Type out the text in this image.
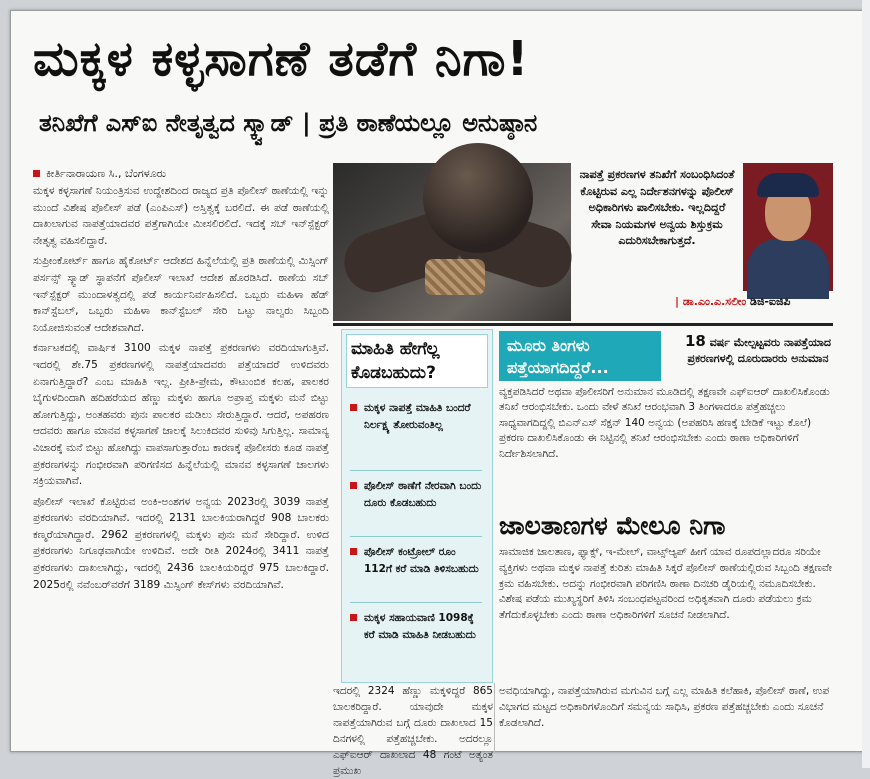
ಮಕ್ಕಳ ಕಳ್ಳಸಾಗಣೆ ತಡೆಗೆ ನಿಗಾ!
ತನಿಖೆಗೆ ಎಸ್‌ಐ ನೇತೃತ್ವದ ಸ್ಕ್ವಾಡ್ | ಪ್ರತಿ ಠಾಣೆಯಲ್ಲೂ ಅನುಷ್ಠಾನ
ಕೀರ್ತಿನಾರಾಯಣ ಸಿ., ಬೆಂಗಳೂರು

ಮಕ್ಕಳ ಕಳ್ಳಸಾಗಣೆ ನಿಯಂತ್ರಿಸುವ ಉದ್ದೇಶದಿಂದ ರಾಜ್ಯದ ಪ್ರತಿ ಪೊಲೀಸ್ ಠಾಣೆಯಲ್ಲಿ ಇನ್ನು ಮುಂದೆ ವಿಶೇಷ ಪೊಲೀಸ್ ಪಡೆ (ಎಂಪಿಎಸ್) ಅಸ್ತಿತ್ವಕ್ಕೆ ಬರಲಿದೆ. ಈ ಪಡೆ ಠಾಣೆಯಲ್ಲಿ ದಾಖಲಾಗುವ ನಾಪತ್ತೆಯಾದವರ ಪತ್ತೆಗಾಗಿಯೇ ಮೀಸಲಿರಲಿದೆ. ಇದಕ್ಕೆ ಸಬ್ ಇನ್‌ಸ್ಪೆಕ್ಟರ್ ನೇತೃತ್ವ ವಹಿಸಲಿದ್ದಾರೆ.

ಸುಪ್ರೀಂಕೋರ್ಟ್ ಹಾಗೂ ಹೈಕೋರ್ಟ್ ಆದೇಶದ ಹಿನ್ನೆಲೆಯಲ್ಲಿ ಪ್ರತಿ ಠಾಣೆಯಲ್ಲಿ ಮಿಸ್ಸಿಂಗ್ ಪರ್ಸನ್ಸ್ ಸ್ಕ್ವಾಡ್ ಸ್ಥಾಪನೆಗೆ ಪೊಲೀಸ್ ಇಲಾಖೆ ಆದೇಶ ಹೊರಡಿಸಿದೆ. ಠಾಣೆಯ ಸಬ್ ಇನ್‌ಸ್ಪೆಕ್ಟರ್ ಮುಂದಾಳತ್ವದಲ್ಲಿ ಪಡೆ ಕಾರ್ಯನಿರ್ವಹಿಸಲಿದೆ. ಒಬ್ಬರು ಮಹಿಳಾ ಹೆಡ್ ಕಾನ್‌ಸ್ಟೆಬಲ್, ಒಬ್ಬರು ಮಹಿಳಾ ಕಾನ್‌ಸ್ಟೆಬಲ್ ಸೇರಿ ಒಟ್ಟು ನಾಲ್ವರು ಸಿಬ್ಬಂದಿ ನಿಯೋಜಿಸುವಂತೆ ಆದೇಶವಾಗಿದೆ.

ಕರ್ನಾಟಕದಲ್ಲಿ ವಾರ್ಷಿಕ 3100 ಮಕ್ಕಳ ನಾಪತ್ತೆ ಪ್ರಕರಣಗಳು ವರದಿಯಾಗುತ್ತಿವೆ. ಇದರಲ್ಲಿ ಶೇ.75 ಪ್ರಕರಣಗಳಲ್ಲಿ ನಾಪತ್ತೆಯಾದವರು ಪತ್ತೆಯಾದರೆ ಉಳಿದವರು ಏನಾಗುತ್ತಿದ್ದಾರೆ? ಎಂಬ ಮಾಹಿತಿ ಇಲ್ಲ. ಪ್ರೀತಿ-ಪ್ರೇಮ, ಕೌಟುಂಬಿಕ ಕಲಹ, ಪಾಲಕರ ಬೈಗುಳದಿಂದಾಗಿ ಹದಿಹರೆಯದ ಹೆಣ್ಣು ಮಕ್ಕಳು ಹಾಗೂ ಅಪ್ರಾಪ್ತ ಮಕ್ಕಳು ಮನೆ ಬಿಟ್ಟು ಹೋಗುತ್ತಿದ್ದು, ಅಂತಹವರು ಪುನಃ ಪಾಲಕರ ಮಡಿಲು ಸೇರುತ್ತಿದ್ದಾರೆ. ಆದರೆ, ಅಪಹರಣ ಆದವರು ಹಾಗೂ ಮಾನವ ಕಳ್ಳಸಾಗಣೆ ಜಾಲಕ್ಕೆ ಸಿಲುಕಿದವರ ಸುಳಿವು ಸಿಗುತ್ತಿಲ್ಲ. ಸಾಮಾನ್ಯ ವಿಚಾರಕ್ಕೆ ಮನೆ ಬಿಟ್ಟು ಹೋಗಿದ್ದು ವಾಪಸಾಗುತ್ತಾರೆಂಬ ಕಾರಣಕ್ಕೆ ಪೊಲೀಸರು ಕೂಡ ನಾಪತ್ತೆ ಪ್ರಕರಣಗಳನ್ನು ಗಂಭೀರವಾಗಿ ಪರಿಗಣಿಸದ ಹಿನ್ನೆಲೆಯಲ್ಲಿ ಮಾನವ ಕಳ್ಳಸಾಗಣೆ ಜಾಲಗಳು ಸಕ್ರಿಯವಾಗಿವೆ.

ಪೊಲೀಸ್ ಇಲಾಖೆ ಕೊಟ್ಟಿರುವ ಅಂಕಿ-ಅಂಶಗಳ ಅನ್ವಯ 2023ರಲ್ಲಿ 3039 ನಾಪತ್ತೆ ಪ್ರಕರಣಗಳು ವರದಿಯಾಗಿವೆ. ಇದರಲ್ಲಿ 2131 ಬಾಲಕಿಯರಾಗಿದ್ದರೆ 908 ಬಾಲಕರು ಕಣ್ಮರೆಯಾಗಿದ್ದಾರೆ. 2962 ಪ್ರಕರಣಗಳಲ್ಲಿ ಮಕ್ಕಳು ಪುನಃ ಮನೆ ಸೇರಿದ್ದಾರೆ. ಉಳಿದ ಪ್ರಕರಣಗಳು ನಿಗೂಢವಾಗಿಯೇ ಉಳಿದಿವೆ. ಅದೇ ರೀತಿ 2024ರಲ್ಲಿ 3411 ನಾಪತ್ತೆ ಪ್ರಕರಣಗಳು ದಾಖಲಾಗಿದ್ದು, ಇದರಲ್ಲಿ 2436 ಬಾಲಕಿಯರಿದ್ದರೆ 975 ಬಾಲಕಿದ್ದಾರೆ. 2025ರಲ್ಲಿ ನವೆಂಬರ್‌ವರೆಗೆ 3189 ಮಿಸ್ಸಿಂಗ್ ಕೇಸ್‌ಗಳು ವರದಿಯಾಗಿವೆ.

ನಾಪತ್ತೆ ಪ್ರಕರಣಗಳ ತನಿಖೆಗೆ ಸಂಬಂಧಿಸಿದಂತೆ ಕೊಟ್ಟಿರುವ ಎಲ್ಲ ನಿರ್ದೇಶನಗಳನ್ನು ಪೊಲೀಸ್ ಅಧಿಕಾರಿಗಳು ಪಾಲಿಸಬೇಕು. ಇಲ್ಲದಿದ್ದರೆ ಸೇವಾ ನಿಯಮಗಳ ಅನ್ವಯ ಶಿಸ್ತುಕ್ರಮ ಎದುರಿಸಬೇಕಾಗುತ್ತದೆ.
| ಡಾ.ಎಂ.ಎ.ಸಲೀಂ ಡಿಜಿ-ಐಜಿಪಿ
ಮಾಹಿತಿ ಹೇಗೆಲ್ಲ ಕೊಡಬಹುದು?
ಮಕ್ಕಳ ನಾಪತ್ತೆ ಮಾಹಿತಿ ಬಂದರೆ ನಿರ್ಲಕ್ಷ್ಯ ತೋರುವಂತಿಲ್ಲ
ಪೊಲೀಸ್ ಠಾಣೆಗೆ ನೇರವಾಗಿ ಬಂದು ದೂರು ಕೊಡಬಹುದು
ಪೊಲೀಸ್ ಕಂಟ್ರೋಲ್ ರೂಂ 112ಗೆ ಕರೆ ಮಾಡಿ ತಿಳಿಸಬಹುದು
ಮಕ್ಕಳ ಸಹಾಯವಾಣಿ 1098ಕ್ಕೆ ಕರೆ ಮಾಡಿ ಮಾಹಿತಿ ನೀಡಬಹುದು
ಮೂರು ತಿಂಗಳು ಪತ್ತೆಯಾಗದಿದ್ದರೆ...
18 ವರ್ಷ ಮೇಲ್ಪಟ್ಟವರು ನಾಪತ್ತೆಯಾದ ಪ್ರಕರಣಗಳಲ್ಲಿ ದೂರುದಾರರು ಅನುಮಾನ
ವ್ಯಕ್ತಪಡಿಸಿದರೆ ಅಥವಾ ಪೊಲೀಸರಿಗೆ ಅನುಮಾನ ಮೂಡಿದಲ್ಲಿ ತಕ್ಷಣವೇ ಎಫ್‌ಐಆರ್ ದಾಖಲಿಸಿಕೊಂಡು ತನಿಖೆ ಆರಂಭಿಸಬೇಕು. ಒಂದು ವೇಳೆ ತನಿಖೆ ಆರಂಭವಾಗಿ 3 ತಿಂಗಳಾದರೂ ಪತ್ತೆಹಚ್ಚಲು ಸಾಧ್ಯವಾಗದಿದ್ದಲ್ಲಿ ಬಿಎನ್‌ಎಸ್ ಸೆಕ್ಷನ್ 140 ಅನ್ವಯ (ಅಪಹರಿಸಿ ಹಣಕ್ಕೆ ಬೇಡಿಕೆ ಇಟ್ಟು ಕೊಲೆ) ಪ್ರಕರಣ ದಾಖಲಿಸಿಕೊಂಡು ಈ ನಿಟ್ಟಿನಲ್ಲಿ ತನಿಖೆ ಆರಂಭಿಸಬೇಕು ಎಂದು ಠಾಣಾ ಅಧಿಕಾರಿಗಳಿಗೆ ನಿರ್ದೇಶಿಸಲಾಗಿದೆ.
ಜಾಲತಾಣಗಳ ಮೇಲೂ ನಿಗಾ
ಸಾಮಾಜಿಕ ಜಾಲತಾಣ, ಫ್ಯಾಕ್ಸ್, ಇ-ಮೇಲ್, ವಾಟ್ಸ್‌ಆ್ಯಪ್ ಹೀಗೆ ಯಾವ ರೂಪದಲ್ಲಾದರೂ ಸರಿಯೇ ವ್ಯಕ್ತಿಗಳು ಅಥವಾ ಮಕ್ಕಳ ನಾಪತ್ತೆ ಕುರಿತು ಮಾಹಿತಿ ಸಿಕ್ಕರೆ ಪೊಲೀಸ್ ಠಾಣೆಯಲ್ಲಿರುವ ಸಿಬ್ಬಂದಿ ತಕ್ಷಣವೇ ಕ್ರಮ ವಹಿಸಬೇಕು. ಅದನ್ನು ಗಂಭೀರವಾಗಿ ಪರಿಗಣಿಸಿ ಠಾಣಾ ದಿನಚರಿ ಡೈರಿಯಲ್ಲಿ ನಮೂದಿಸಬೇಕು. ವಿಶೇಷ ಪಡೆಯ ಮುಖ್ಯಸ್ಥರಿಗೆ ತಿಳಿಸಿ ಸಂಬಂಧಪಟ್ಟವರಿಂದ ಅಧಿಕೃತವಾಗಿ ದೂರು ಪಡೆಯಲು ಕ್ರಮ ತೆಗೆದುಕೊಳ್ಳಬೇಕು ಎಂದು ಠಾಣಾ ಅಧಿಕಾರಿಗಳಿಗೆ ಸೂಚನೆ ನೀಡಲಾಗಿದೆ.
ಇದರಲ್ಲಿ 2324 ಹೆಣ್ಣು ಮಕ್ಕಳಿದ್ದರೆ 865 ಬಾಲಕರಿದ್ದಾರೆ. ಯಾವುದೇ ಮಕ್ಕಳ ನಾಪತ್ತೆಯಾಗಿರುವ ಬಗ್ಗೆ ದೂರು ದಾಖಲಾದ 15 ದಿನಗಳಲ್ಲಿ ಪತ್ತೆಹಚ್ಚಬೇಕು. ಅದರಲ್ಲೂ ಎಫ್‌ಐಆರ್ ದಾಖಲಾದ 48 ಗಂಟೆ ಅತ್ಯಂತ ಪ್ರಮುಖ
ಅವಧಿಯಾಗಿದ್ದು, ನಾಪತ್ತೆಯಾಗಿರುವ ಮಗುವಿನ ಬಗ್ಗೆ ಎಲ್ಲ ಮಾಹಿತಿ ಕಲೆಹಾಕಿ, ಪೊಲೀಸ್ ಠಾಣೆ, ಉಪ ವಿಭಾಗದ ಮಟ್ಟದ ಅಧಿಕಾರಿಗಳೊಂದಿಗೆ ಸಮನ್ವಯ ಸಾಧಿಸಿ, ಪ್ರಕರಣ ಪತ್ತೆಹಚ್ಚಬೇಕು ಎಂದು ಸೂಚನೆ ಕೊಡಲಾಗಿದೆ.
